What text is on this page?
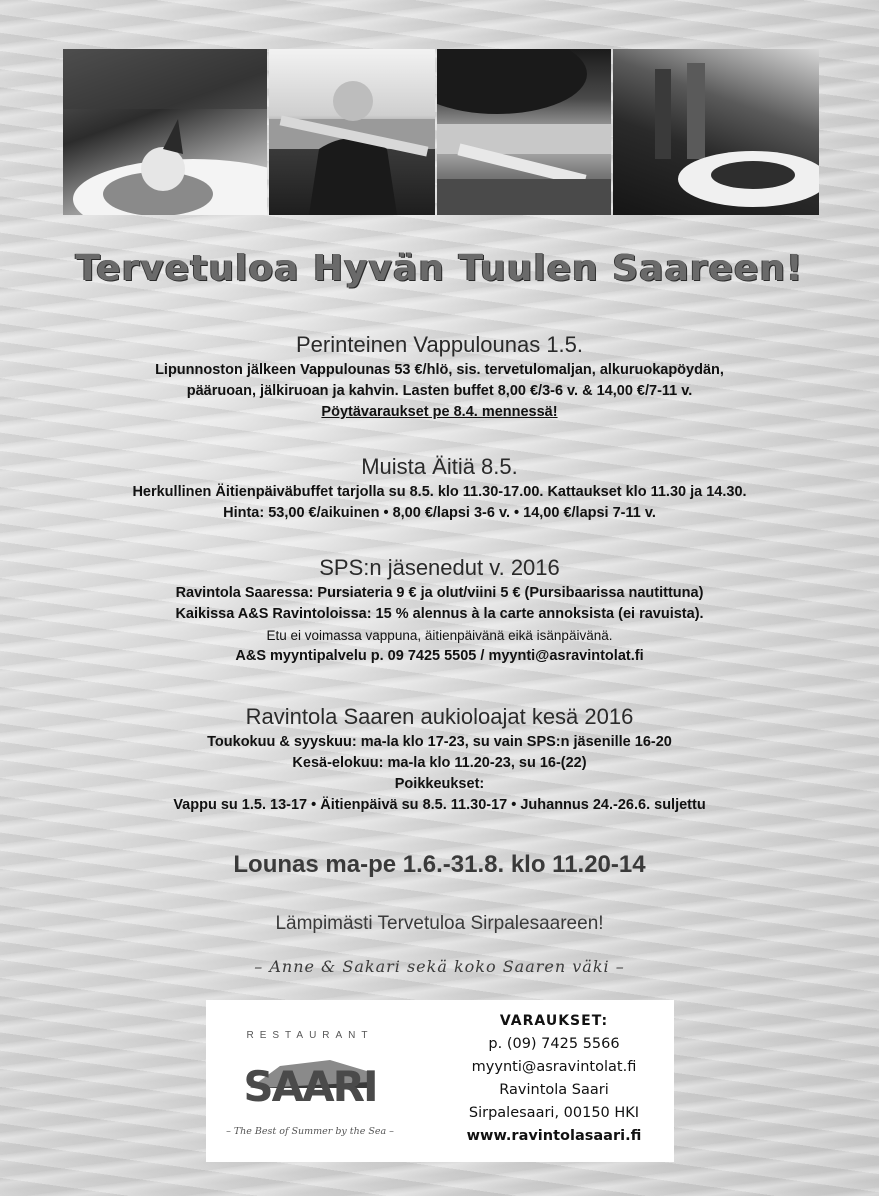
Tervetuloa Hyvän Tuulen Saareen!
Perinteinen Vappulounas 1.5.
Lipunnoston jälkeen Vappulounas 53 €/hlö, sis. tervetulomaljan, alkuruokapöydän,
pääruoan, jälkiruoan ja kahvin. Lasten buffet 8,00 €/3-6 v. & 14,00 €/7-11 v.
Pöytävaraukset pe 8.4. mennessä!
Muista Äitiä 8.5.
Herkullinen Äitienpäiväbuffet tarjolla su 8.5. klo 11.30-17.00. Kattaukset klo 11.30 ja 14.30.
Hinta: 53,00 €/aikuinen • 8,00 €/lapsi 3-6 v. • 14,00 €/lapsi 7-11 v.
SPS:n jäsenedut v. 2016
Ravintola Saaressa: Pursiateria 9 € ja olut/viini 5 € (Pursibaarissa nautittuna)
Kaikissa A&S Ravintoloissa: 15 % alennus à la carte annoksista (ei ravuista).
Etu ei voimassa vappuna, äitienpäivänä eikä isänpäivänä.
A&S myyntipalvelu p. 09 7425 5505 / myynti@asravintolat.fi
Ravintola Saaren aukioloajat kesä 2016
Toukokuu & syyskuu: ma-la klo 17-23, su vain SPS:n jäsenille 16-20
Kesä-elokuu: ma-la klo 11.20-23, su 16-(22)
Poikkeukset:
Vappu su 1.5. 13-17 • Äitienpäivä su 8.5. 11.30-17 • Juhannus 24.-26.6. suljettu
Lounas ma-pe 1.6.-31.8. klo 11.20-14
Lämpimästi Tervetuloa Sirpalesaareen!
– Anne & Sakari sekä koko Saaren väki –
RESTAURANT
SAARI
– The Best of Summer by the Sea –
VARAUKSET:
p. (09) 7425 5566
myynti@asravintolat.fi
Ravintola Saari
Sirpalesaari, 00150 HKI
www.ravintolasaari.fi
